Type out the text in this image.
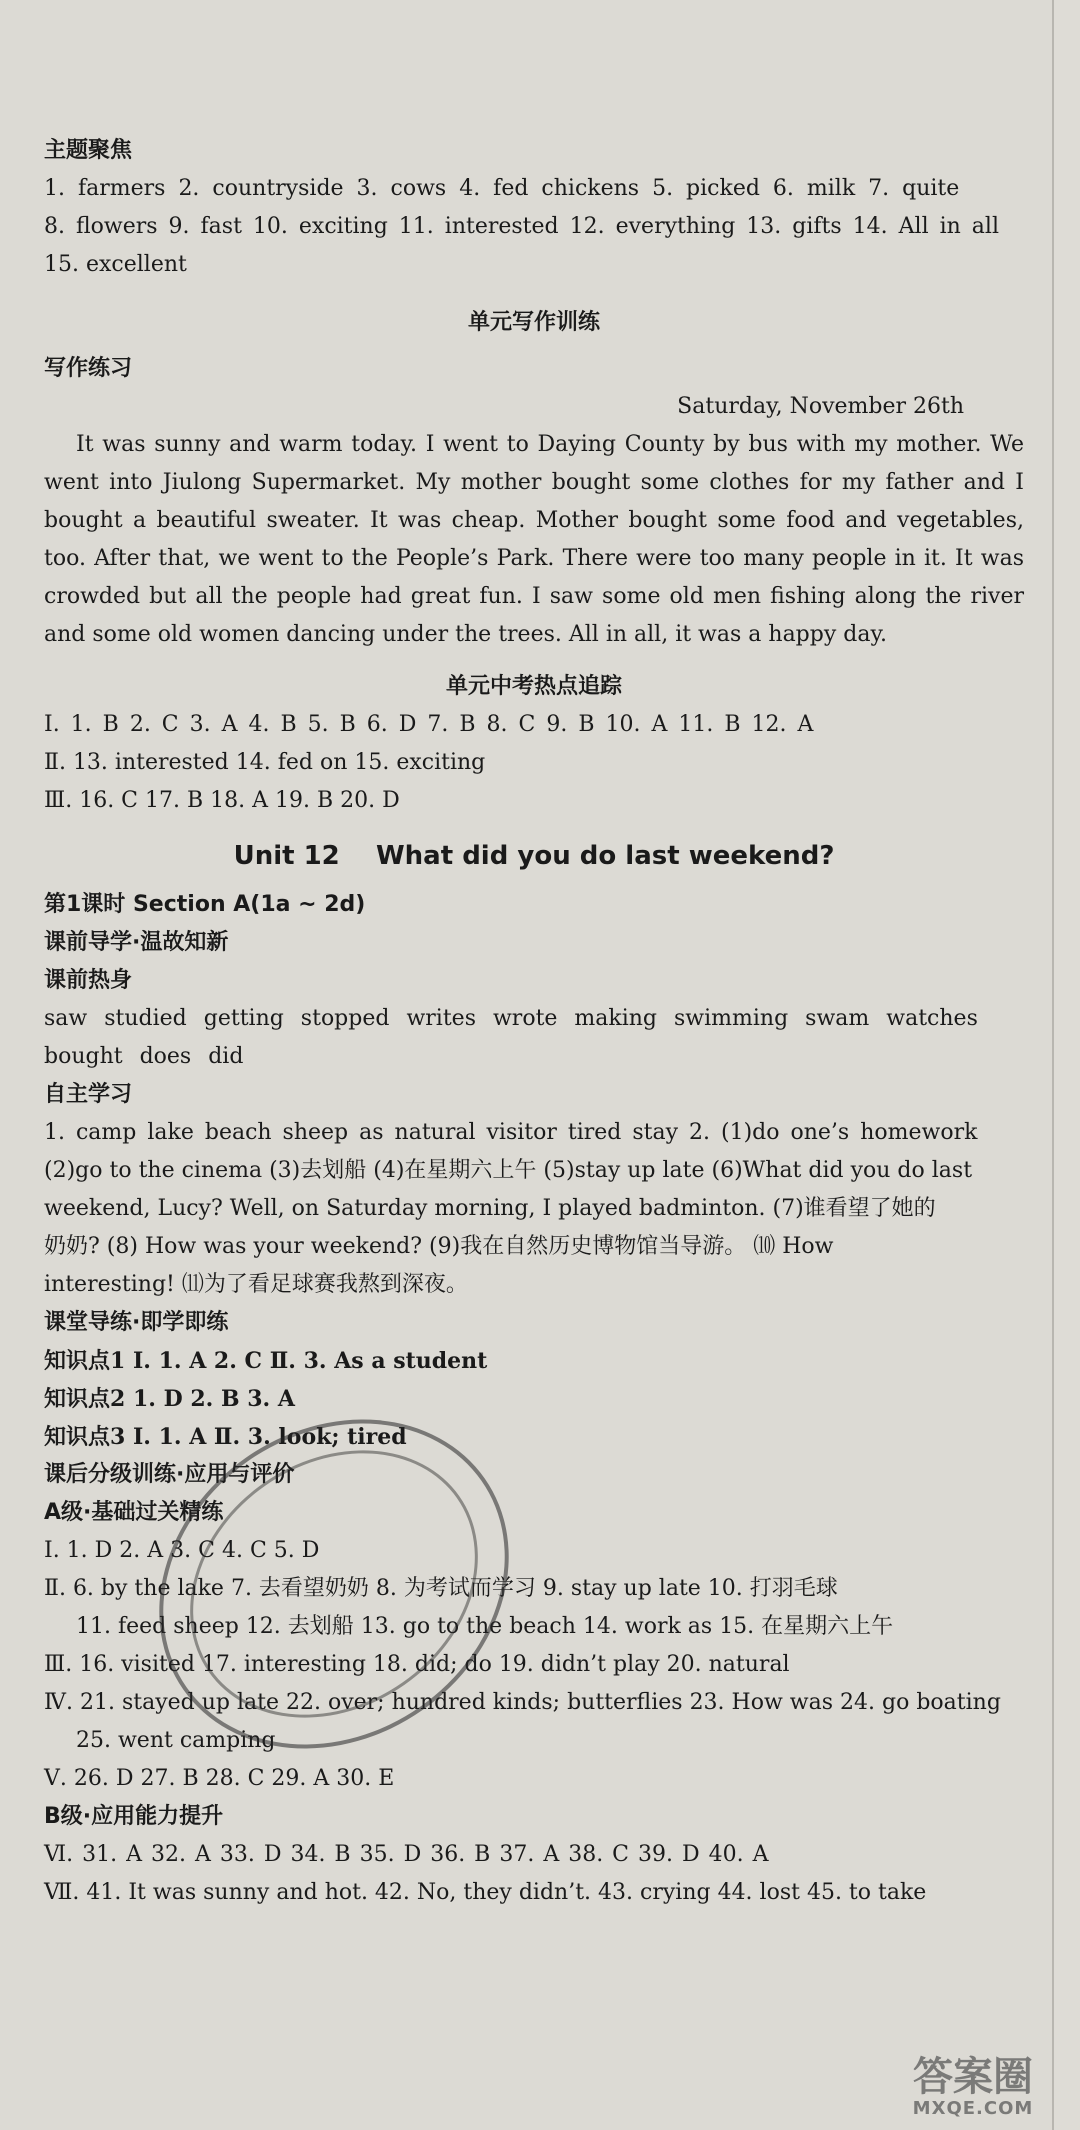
主题聚焦
1. farmers 2. countryside 3. cows 4. fed chickens 5. picked 6. milk 7. quite
8. flowers 9. fast 10. exciting 11. interested 12. everything 13. gifts 14. All in all
15. excellent
单元写作训练
写作练习
Saturday, November 26th
It was sunny and warm today. I went to Daying County by bus with my mother. We went into Jiulong Supermarket. My mother bought some clothes for my father and I bought a beautiful sweater. It was cheap. Mother bought some food and vegetables, too. After that, we went to the People’s Park. There were too many people in it. It was crowded but all the people had great fun. I saw some old men fishing along the river and some old women dancing under the trees. All in all, it was a happy day.
单元中考热点追踪
Ⅰ. 1. B 2. C 3. A 4. B 5. B 6. D 7. B 8. C 9. B 10. A 11. B 12. A
Ⅱ. 13. interested 14. fed on 15. exciting
Ⅲ. 16. C 17. B 18. A 19. B 20. D
Unit 12    What did you do last weekend?
第1课时 Section A(1a ~ 2d)
课前导学·温故知新
课前热身
saw studied getting stopped writes wrote making swimming swam watches
bought does did
自主学习
1. camp lake beach sheep as natural visitor tired stay 2. (1)do one’s homework
(2)go to the cinema (3)去划船 (4)在星期六上午 (5)stay up late (6)What did you do last
weekend, Lucy? Well, on Saturday morning, I played badminton. (7)谁看望了她的
奶奶? (8) How was your weekend? (9)我在自然历史博物馆当导游。 ⑽ How
interesting! ⑾为了看足球赛我熬到深夜。
课堂导练·即学即练
知识点1 Ⅰ. 1. A 2. C Ⅱ. 3. As a student
知识点2 1. D 2. B 3. A
知识点3 Ⅰ. 1. A Ⅱ. 3. look; tired
课后分级训练·应用与评价
A级·基础过关精练
Ⅰ. 1. D 2. A 3. C 4. C 5. D
Ⅱ. 6. by the lake 7. 去看望奶奶 8. 为考试而学习 9. stay up late 10. 打羽毛球
11. feed sheep 12. 去划船 13. go to the beach 14. work as 15. 在星期六上午
Ⅲ. 16. visited 17. interesting 18. did; do 19. didn’t play 20. natural
Ⅳ. 21. stayed up late 22. over; hundred kinds; butterflies 23. How was 24. go boating
25. went camping
Ⅴ. 26. D 27. B 28. C 29. A 30. E
B级·应用能力提升
Ⅵ. 31. A 32. A 33. D 34. B 35. D 36. B 37. A 38. C 39. D 40. A
Ⅶ. 41. It was sunny and hot. 42. No, they didn’t. 43. crying 44. lost 45. to take
答案圈
MXQE.COM
